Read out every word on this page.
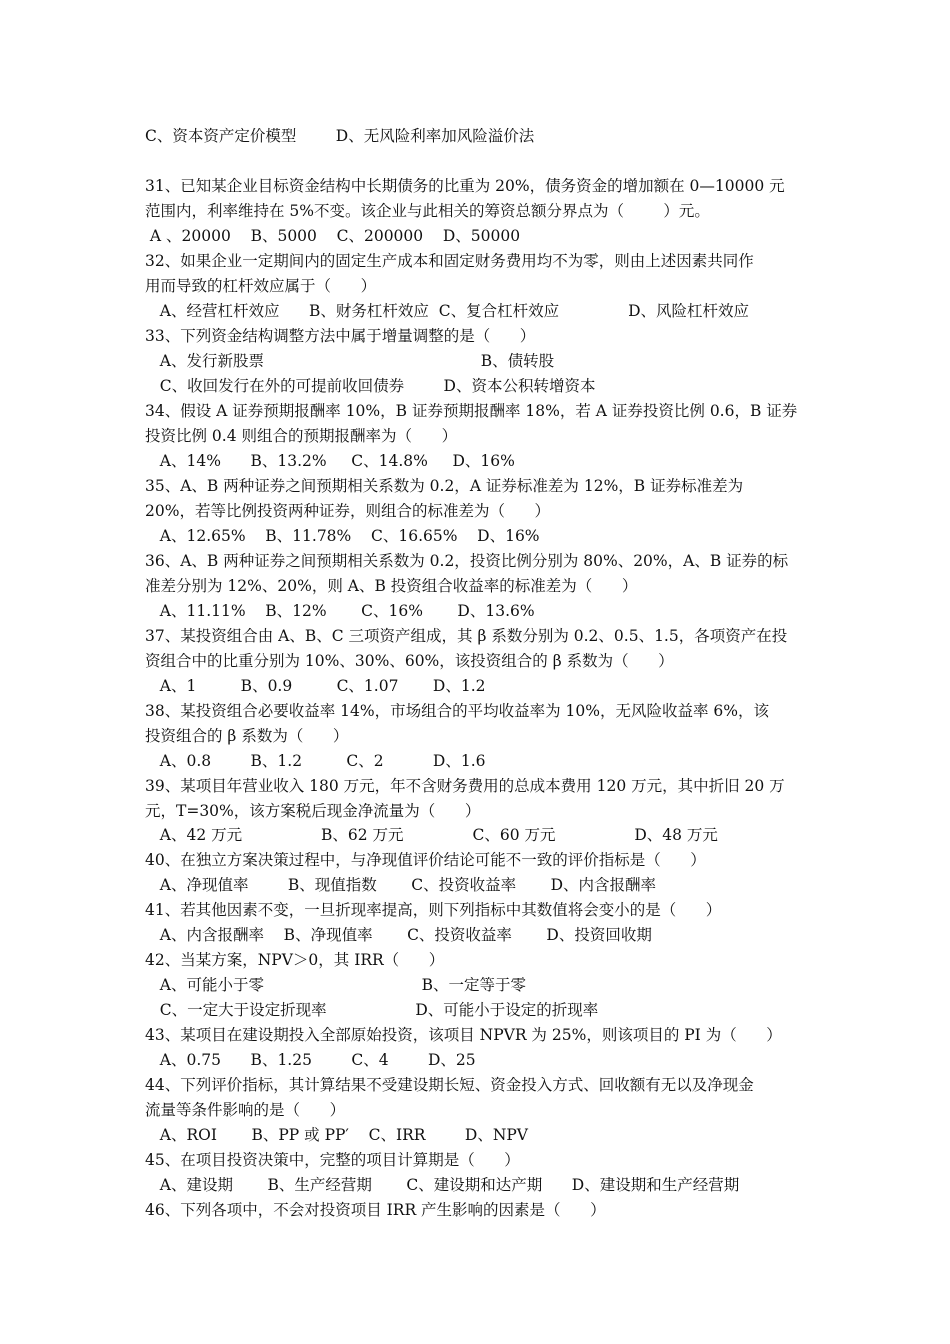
C、资本资产定价模型        D、无风险利率加风险溢价法
31、已知某企业目标资金结构中长期债务的比重为 20%，债务资金的增加额在 0—10000 元
范围内，利率维持在 5%不变。该企业与此相关的筹资总额分界点为（        ）元。
A 、20000    B、5000    C、200000    D、50000
32、如果企业一定期间内的固定生产成本和固定财务费用均不为零，则由上述因素共同作
用而导致的杠杆效应属于（      ）
A、经营杠杆效应      B、财务杠杆效应  C、复合杠杆效应              D、风险杠杆效应
33、下列资金结构调整方法中属于增量调整的是（      ）
A、发行新股票                                            B、债转股
C、收回发行在外的可提前收回债券        D、资本公积转增资本
34、假设 A 证券预期报酬率 10%，B 证券预期报酬率 18%，若 A 证券投资比例 0.6，B 证券
投资比例 0.4 则组合的预期报酬率为（      ）
A、14%      B、13.2%     C、14.8%     D、16%
35、A、B 两种证券之间预期相关系数为 0.2，A 证券标准差为 12%，B 证券标准差为
20%，若等比例投资两种证券，则组合的标准差为（      ）
A、12.65%    B、11.78%    C、16.65%    D、16%
36、A、B 两种证券之间预期相关系数为 0.2，投资比例分别为 80%、20%，A、B 证券的标
准差分别为 12%、20%，则 A、B 投资组合收益率的标准差为（      ）
A、11.11%    B、12%       C、16%       D、13.6%
37、某投资组合由 A、B、C 三项资产组成，其 β 系数分别为 0.2、0.5、1.5，各项资产在投
资组合中的比重分别为 10%、30%、60%，该投资组合的 β 系数为（      ）
A、1         B、0.9         C、1.07       D、1.2
38、某投资组合必要收益率 14%，市场组合的平均收益率为 10%，无风险收益率 6%，该
投资组合的 β 系数为（      ）
A、0.8        B、1.2         C、2          D、1.6
39、某项目年营业收入 180 万元，年不含财务费用的总成本费用 120 万元，其中折旧 20 万
元，T=30%，该方案税后现金净流量为（      ）
A、42 万元                B、62 万元              C、60 万元                D、48 万元
40、在独立方案决策过程中，与净现值评价结论可能不一致的评价指标是（      ）
A、净现值率        B、现值指数       C、投资收益率       D、内含报酬率
41、若其他因素不变，一旦折现率提高，则下列指标中其数值将会变小的是（      ）
A、内含报酬率    B、净现值率       C、投资收益率       D、投资回收期
42、当某方案，NPV＞0，其 IRR（      ）
A、可能小于零                                B、一定等于零
C、一定大于设定折现率                  D、可能小于设定的折现率
43、某项目在建设期投入全部原始投资，该项目 NPVR 为 25%，则该项目的 PI 为（      ）
A、0.75      B、1.25        C、4        D、25
44、下列评价指标，其计算结果不受建设期长短、资金投入方式、回收额有无以及净现金
流量等条件影响的是（      ）
A、ROI       B、PP 或 PP′    C、IRR        D、NPV
45、在项目投资决策中，完整的项目计算期是（      ）
A、建设期       B、生产经营期       C、建设期和达产期      D、建设期和生产经营期
46、下列各项中，不会对投资项目 IRR 产生影响的因素是（      ）
